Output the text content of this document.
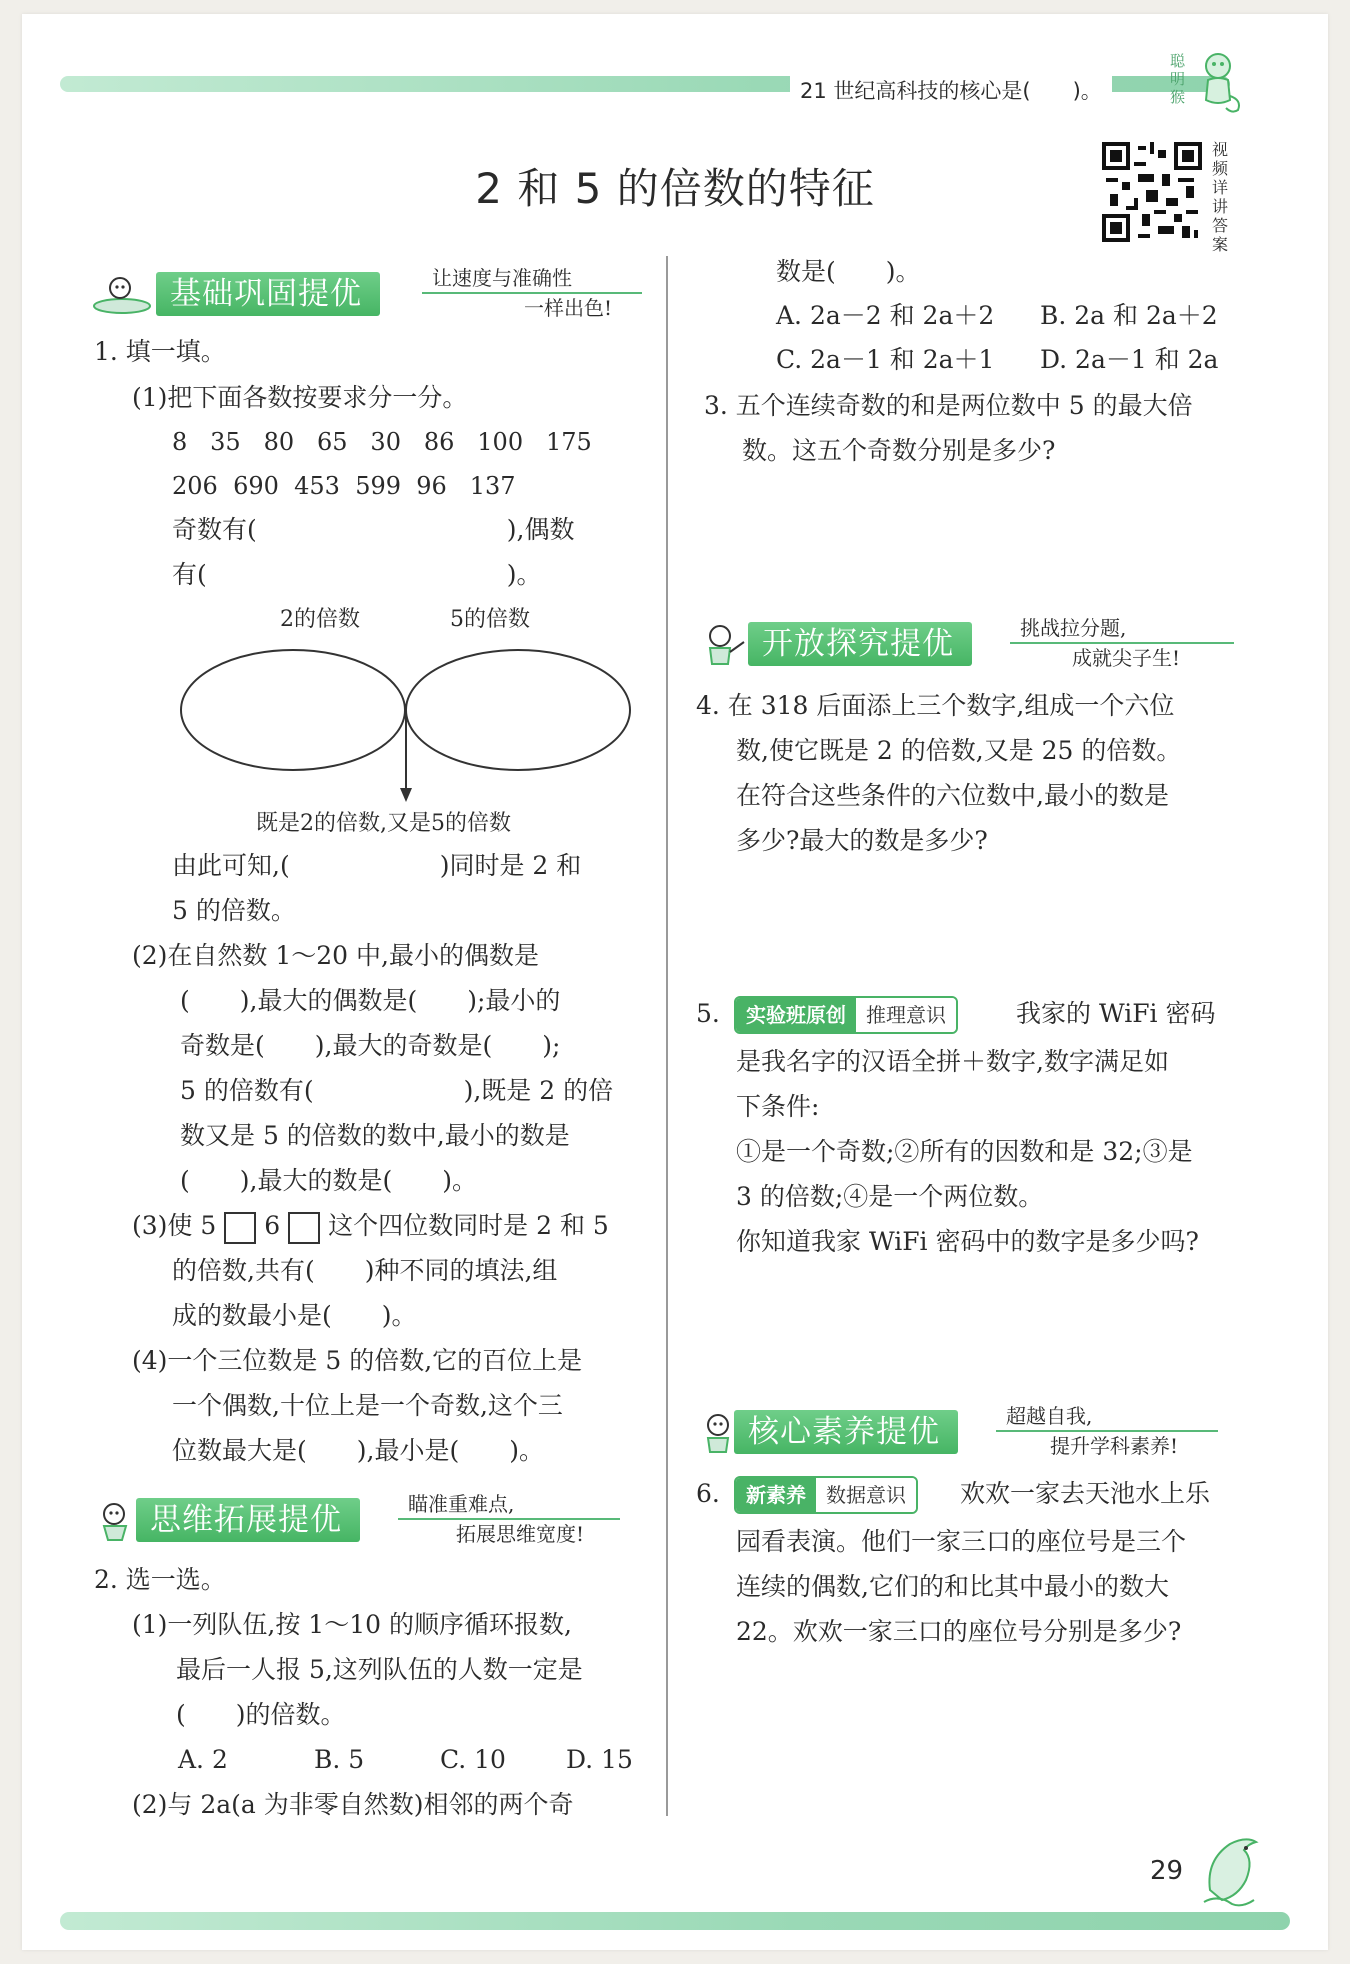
21 世纪高科技的核心是(　　)。
聪明猴
2 和 5 的倍数的特征
视频详讲答案
基础巩固提优	让速度与准确性
一样出色!
1. 填一填。
(1)把下面各数按要求分一分。
8   35   80   65   30   86   100   175
206  690  453  599  96   137
奇数有(　　　　　　　　　　),偶数
有(　　　　　　　　　　　　)。
2的倍数	5的倍数
既是2的倍数,又是5的倍数
由此可知,(　　　　　　)同时是 2 和
5 的倍数。
(2)在自然数 1～20 中,最小的偶数是
(　　),最大的偶数是(　　);最小的
奇数是(　　),最大的奇数是(　　);
5 的倍数有(　　　　　　),既是 2 的倍
数又是 5 的倍数的数中,最小的数是
(　　),最大的数是(　　)。
(3)使 5 6 这个四位数同时是 2 和 5
的倍数,共有(　　)种不同的填法,组
成的数最小是(　　)。
(4)一个三位数是 5 的倍数,它的百位上是
一个偶数,十位上是一个奇数,这个三
位数最大是(　　),最小是(　　)。
思维拓展提优	瞄准重难点,
拓展思维宽度!
2. 选一选。
(1)一列队伍,按 1～10 的顺序循环报数,
最后一人报 5,这列队伍的人数一定是
(　　)的倍数。
A. 2	B. 5	C. 10 D. 15
(2)与 2a(a 为非零自然数)相邻的两个奇
数是(　　)。
A. 2a－2 和 2a＋2 B. 2a 和 2a＋2
C. 2a－1 和 2a＋1 D. 2a－1 和 2a
3. 五个连续奇数的和是两位数中 5 的最大倍
数。这五个奇数分别是多少?
开放探究提优	挑战拉分题,
成就尖子生!
4. 在 318 后面添上三个数字,组成一个六位
数,使它既是 2 的倍数,又是 25 的倍数。
在符合这些条件的六位数中,最小的数是
多少?最大的数是多少?
5.	实验班原创	推理意识	我家的 WiFi 密码
是我名字的汉语全拼＋数字,数字满足如
下条件:
①是一个奇数;②所有的因数和是 32;③是
3 的倍数;④是一个两位数。
你知道我家 WiFi 密码中的数字是多少吗?
核心素养提优	超越自我,
提升学科素养!
6.	新素养	数据意识	欢欢一家去天池水上乐
园看表演。他们一家三口的座位号是三个
连续的偶数,它们的和比其中最小的数大
22。欢欢一家三口的座位号分别是多少?
29
